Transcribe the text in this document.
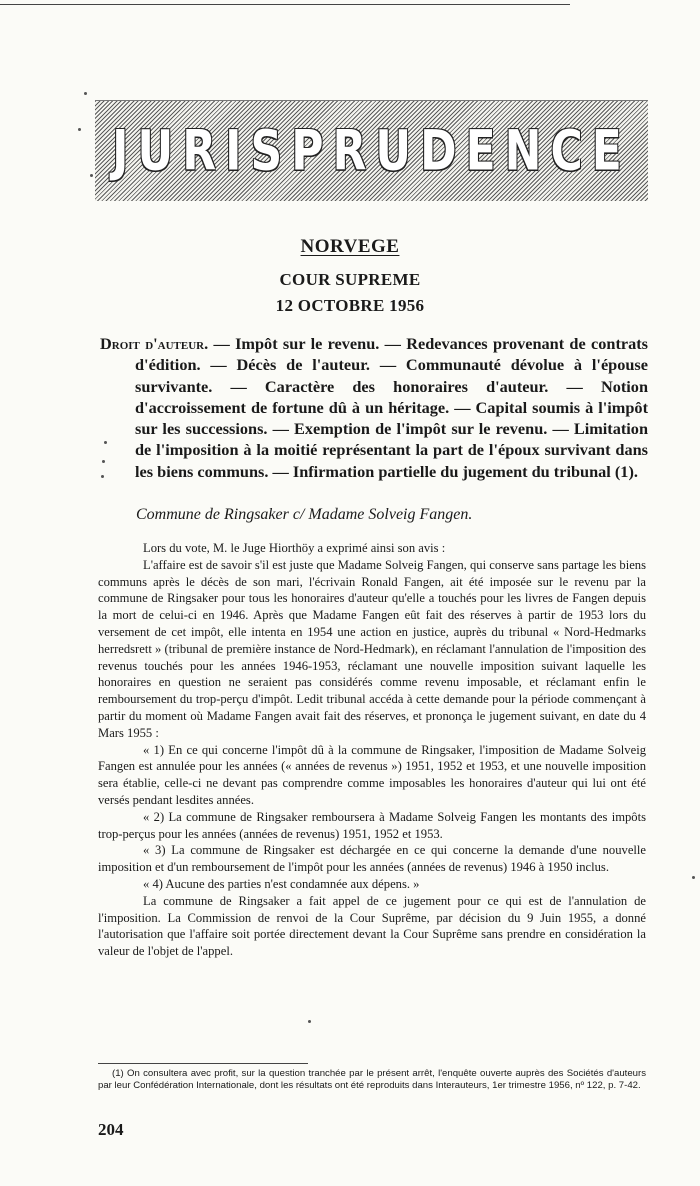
JURISPRUDENCE
NORVEGE
COUR SUPREME
12 OCTOBRE 1956
Droit d'auteur. — Impôt sur le revenu. — Redevances provenant de contrats d'édition. — Décès de l'auteur. — Communauté dévolue à l'épouse survivante. — Caractère des honoraires d'auteur. — Notion d'accroissement de fortune dû à un héritage. — Capital soumis à l'impôt sur les successions. — Exemption de l'impôt sur le revenu. — Limitation de l'imposition à la moitié représentant la part de l'époux survivant dans les biens communs. — Infirmation partielle du jugement du tribunal (1).
Commune de Ringsaker c/ Madame Solveig Fangen.

Lors du vote, M. le Juge Hiorthöy a exprimé ainsi son avis :

L'affaire est de savoir s'il est juste que Madame Solveig Fangen, qui conserve sans partage les biens communs après le décès de son mari, l'écrivain Ronald Fangen, ait été imposée sur le revenu par la commune de Ringsaker pour tous les honoraires d'auteur qu'elle a touchés pour les livres de Fangen depuis la mort de celui-ci en 1946. Après que Madame Fangen eût fait des réserves à partir de 1953 lors du versement de cet impôt, elle intenta en 1954 une action en justice, auprès du tribunal « Nord-Hedmarks herredsrett » (tribunal de première instance de Nord-Hedmark), en réclamant l'annulation de l'imposition des revenus touchés pour les années 1946-1953, réclamant une nouvelle imposition suivant laquelle les honoraires en question ne seraient pas considérés comme revenu imposable, et réclamant enfin le remboursement du trop-perçu d'impôt. Ledit tribunal accéda à cette demande pour la période commençant à partir du moment où Madame Fangen avait fait des réserves, et prononça le jugement suivant, en date du 4 Mars 1955 :

« 1) En ce qui concerne l'impôt dû à la commune de Ringsaker, l'imposition de Madame Solveig Fangen est annulée pour les années (« années de revenus ») 1951, 1952 et 1953, et une nouvelle imposition sera établie, celle-ci ne devant pas comprendre comme imposables les honoraires d'auteur qui lui ont été versés pendant lesdites années.

« 2) La commune de Ringsaker remboursera à Madame Solveig Fangen les montants des impôts trop-perçus pour les années (années de revenus) 1951, 1952 et 1953.

« 3) La commune de Ringsaker est déchargée en ce qui concerne la demande d'une nouvelle imposition et d'un remboursement de l'impôt pour les années (années de revenus) 1946 à 1950 inclus.

« 4) Aucune des parties n'est condamnée aux dépens. »

La commune de Ringsaker a fait appel de ce jugement pour ce qui est de l'annulation de l'imposition. La Commission de renvoi de la Cour Suprême, par décision du 9 Juin 1955, a donné l'autorisation que l'affaire soit portée directement devant la Cour Suprême sans prendre en considération la valeur de l'objet de l'appel.

(1) On consultera avec profit, sur la question tranchée par le présent arrêt, l'enquête ouverte auprès des Sociétés d'auteurs par leur Confédération Internationale, dont les résultats ont été reproduits dans Interauteurs, 1er trimestre 1956, nº 122, p. 7-42.
204
